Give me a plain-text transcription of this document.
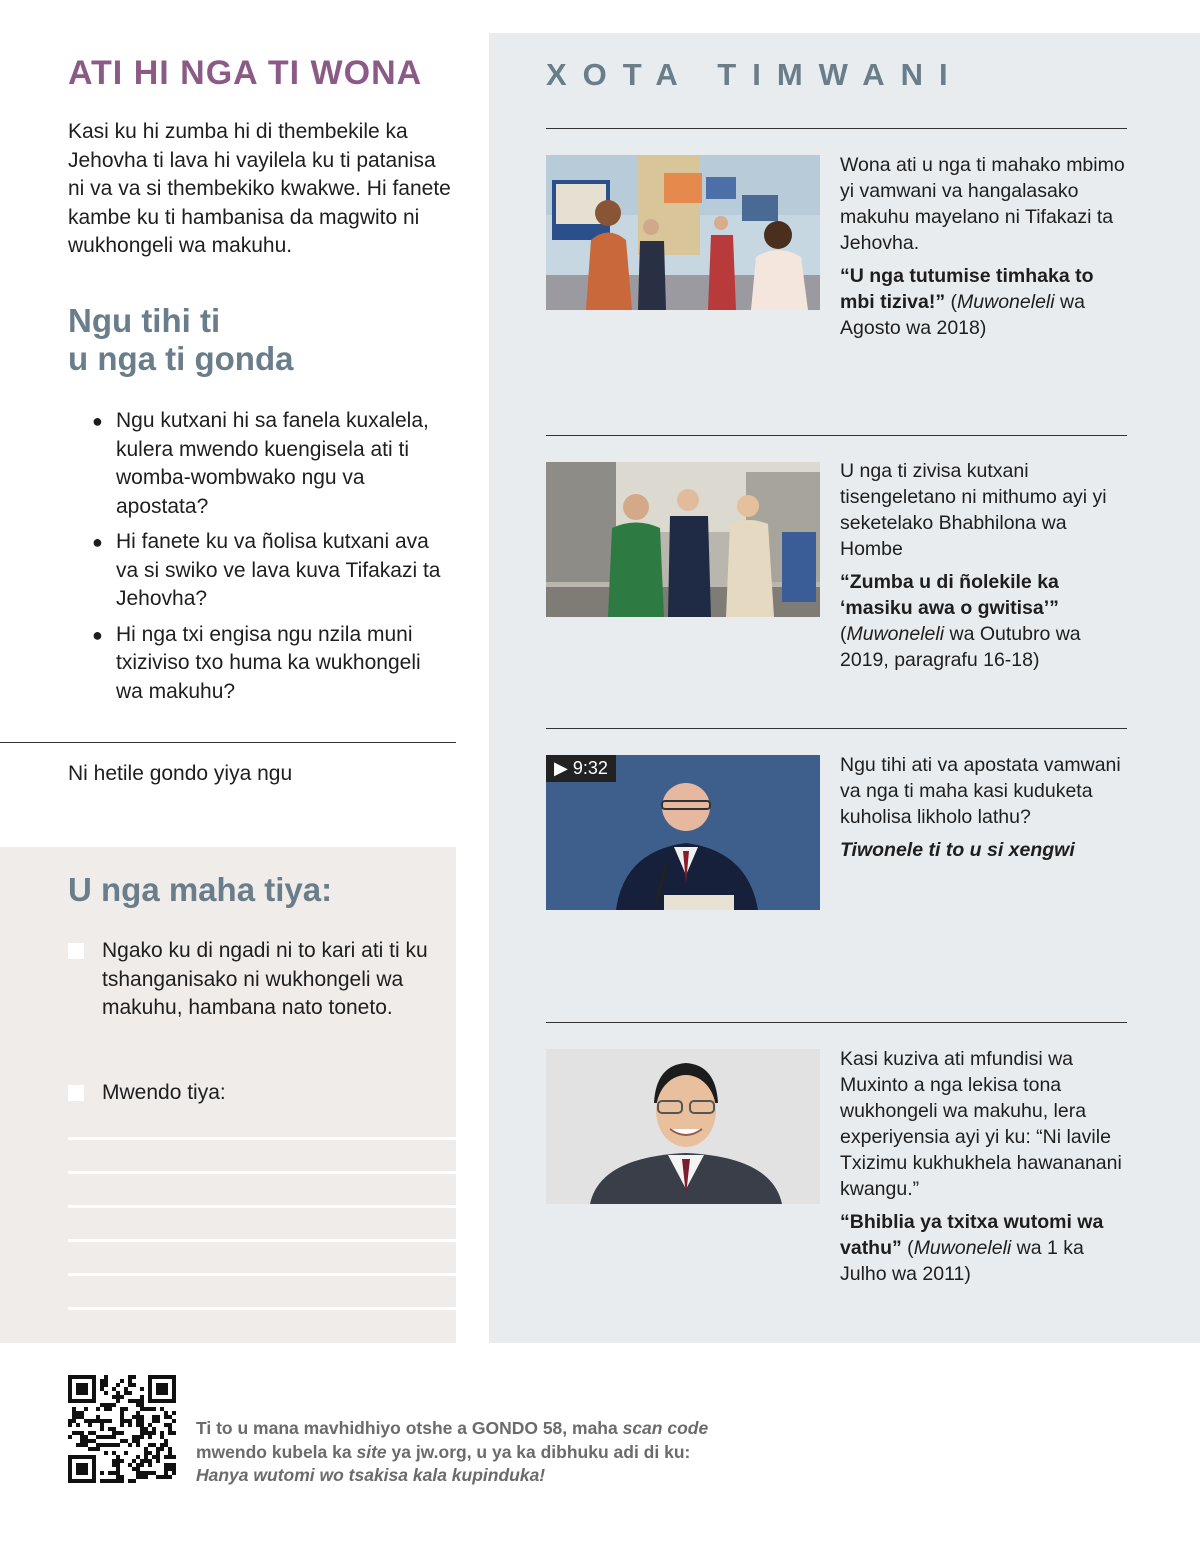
ATI HI NGA TI WONA

Kasi ku hi zumba hi di thembekile ka Jehovha ti lava hi vayilela ku ti patanisa ni va va si thembekiko kwakwe. Hi fanete kambe ku ti hambanisa da magwito ni wukhongeli wa makuhu.

Ngu tihi ti
u nga ti gonda
● Ngu kutxani hi sa fanela kuxalela, kulera mwendo kuengisela ati ti womba-wombwako ngu va apostata?
● Hi fanete ku va ñolisa kutxani ava va si swiko ve lava kuva Tifakazi ta Jehovha?
● Hi nga txi engisa ngu nzila muni txiziviso txo huma ka wukhongeli wa makuhu?

Ni hetile gondo yiya ngu

U nga maha tiya:
Ngako ku di ngadi ni to kari ati ti ku tshanganisako ni wukhongeli wa makuhu, hambana nato toneto.
Mwendo tiya:
XOTA TIMWANI
Wona ati u nga ti mahako mbimo yi vamwani va hangalasako makuhu mayelano ni Tifakazi ta Jehovha.
“U nga tutumise timhaka to mbi tiziva!” (Muwoneleli wa Agosto wa 2018)
U nga ti zivisa kutxani tisengeletano ni mithumo ayi yi seketelako Bhabhilona wa Hombe
“Zumba u di ñolekile ka ‘masiku awa o gwitisa’” (Muwoneleli wa Outubro wa 2019, paragrafu 16-18)
▶ 9:32	Ngu tihi ati va apostata vamwani va nga ti maha kasi kuduketa kuholisa likholo lathu?
Tiwonele ti to u si xengwi
Kasi kuziva ati mfundisi wa Muxinto a nga lekisa tona wukhongeli wa makuhu, lera experiyensia ayi yi ku: “Ni lavile Txizimu kukhukhela hawananani kwangu.”
“Bhiblia ya txitxa wutomi wa vathu” (Muwoneleli wa 1 ka Julho wa 2011)

Ti to u mana mavhidhiyo otshe a GONDO 58, maha scan code mwendo kubela ka site ya jw.org, u ya ka dibhuku adi di ku: Hanya wutomi wo tsakisa kala kupinduka!
